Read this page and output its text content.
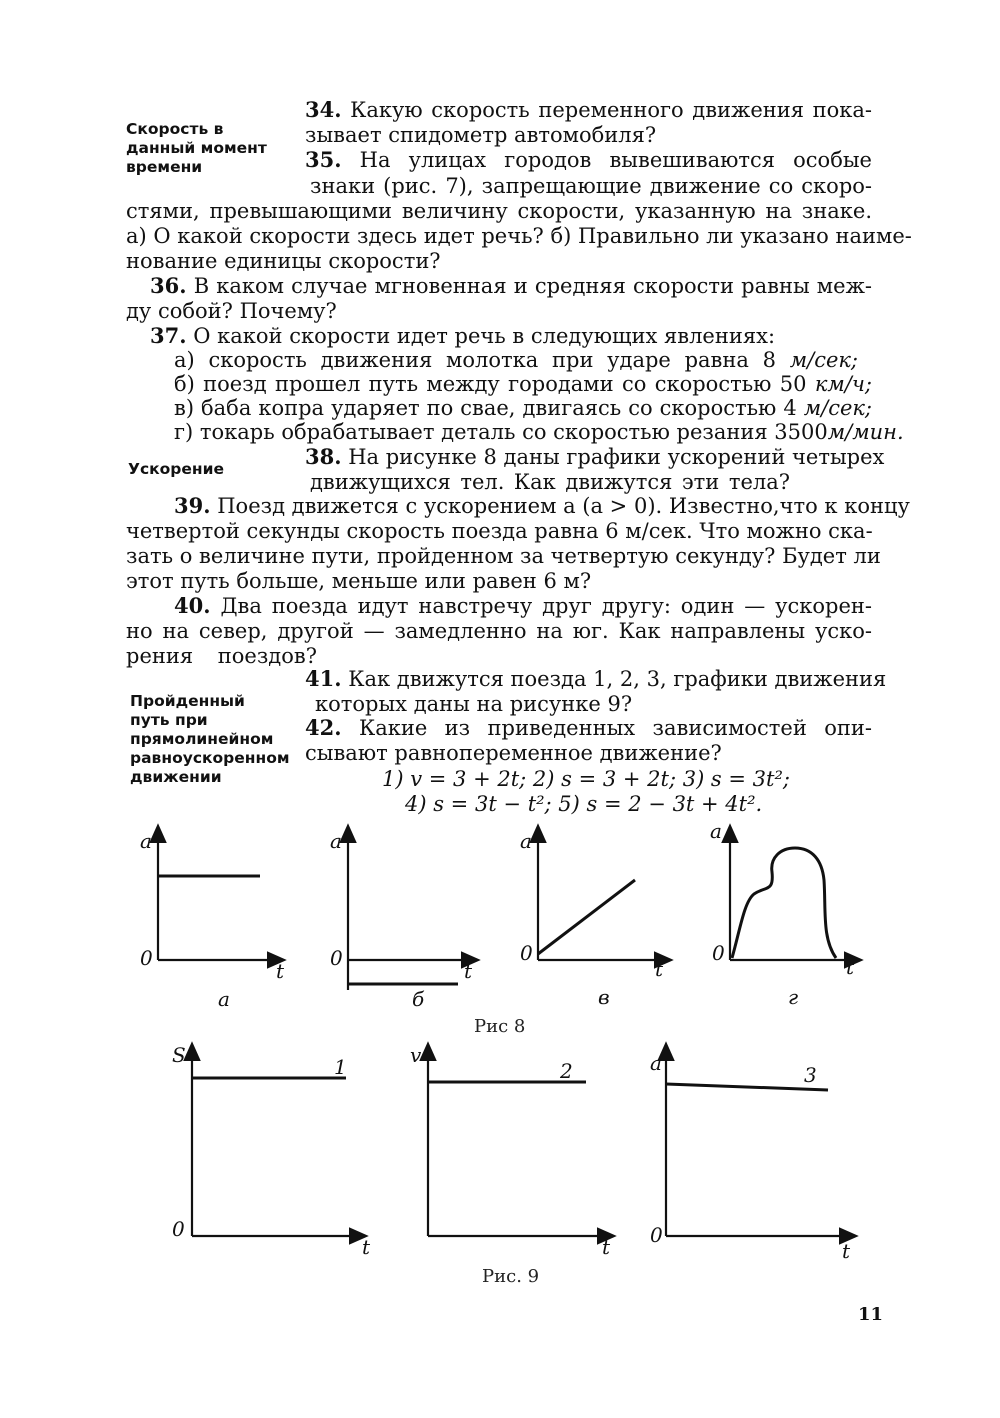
Скорость в данный момент времени
Ускорение
Пройденный путь при прямолинейном равноускоренном движении
34. Какую скорость переменного движения пока-
зывает спидометр автомобиля?
35. На улицах городов вывешиваются особые
знаки (рис. 7), запрещающие движение со скоро-
стями, превышающими величину скорости, указанную на знаке.
а) О какой скорости здесь идет речь? б) Правильно ли указано наиме-
нование единицы скорости?
36. В каком случае мгновенная и средняя скорости равны меж-
ду собой? Почему?
37. О какой скорости идет речь в следующих явлениях:
а) скорость движения молотка при ударе равна 8 м/сек;
б) поезд прошел путь между городами со скоростью 50 км/ч;
в) баба копра ударяет по свае, двигаясь со скоростью 4 м/сек;
г) токарь обрабатывает деталь со скоростью резания 3500м/мин.
38. На рисунке 8 даны графики ускорений четырех
движущихся тел. Как движутся эти тела?
39. Поезд движется с ускорением a (a > 0). Известно,что к концу
четвертой секунды скорость поезда равна 6 м/сек. Что можно ска-
зать о величине пути, пройденном за четвертую секунду? Будет ли
этот путь больше, меньше или равен 6 м?
40. Два поезда идут навстречу друг другу: один — ускорен-
но на север, другой — замедленно на юг. Как направлены уско-
рения поездов?
41. Как движутся поезда 1, 2, 3, графики движения
которых даны на рисунке 9?
42. Какие из приведенных зависимостей опи-
сывают равнопеременное движение?
1) v = 3 + 2t; 2) s = 3 + 2t; 3) s = 3t²;
4) s = 3t − t²; 5) s = 2 − 3t + 4t².
a
0
t
a
0
t
a
0
t
a
0
t
а	б	в	г
Рис 8
S
0
t
1	v
t
2	a
0
t
3
Рис. 9
11
